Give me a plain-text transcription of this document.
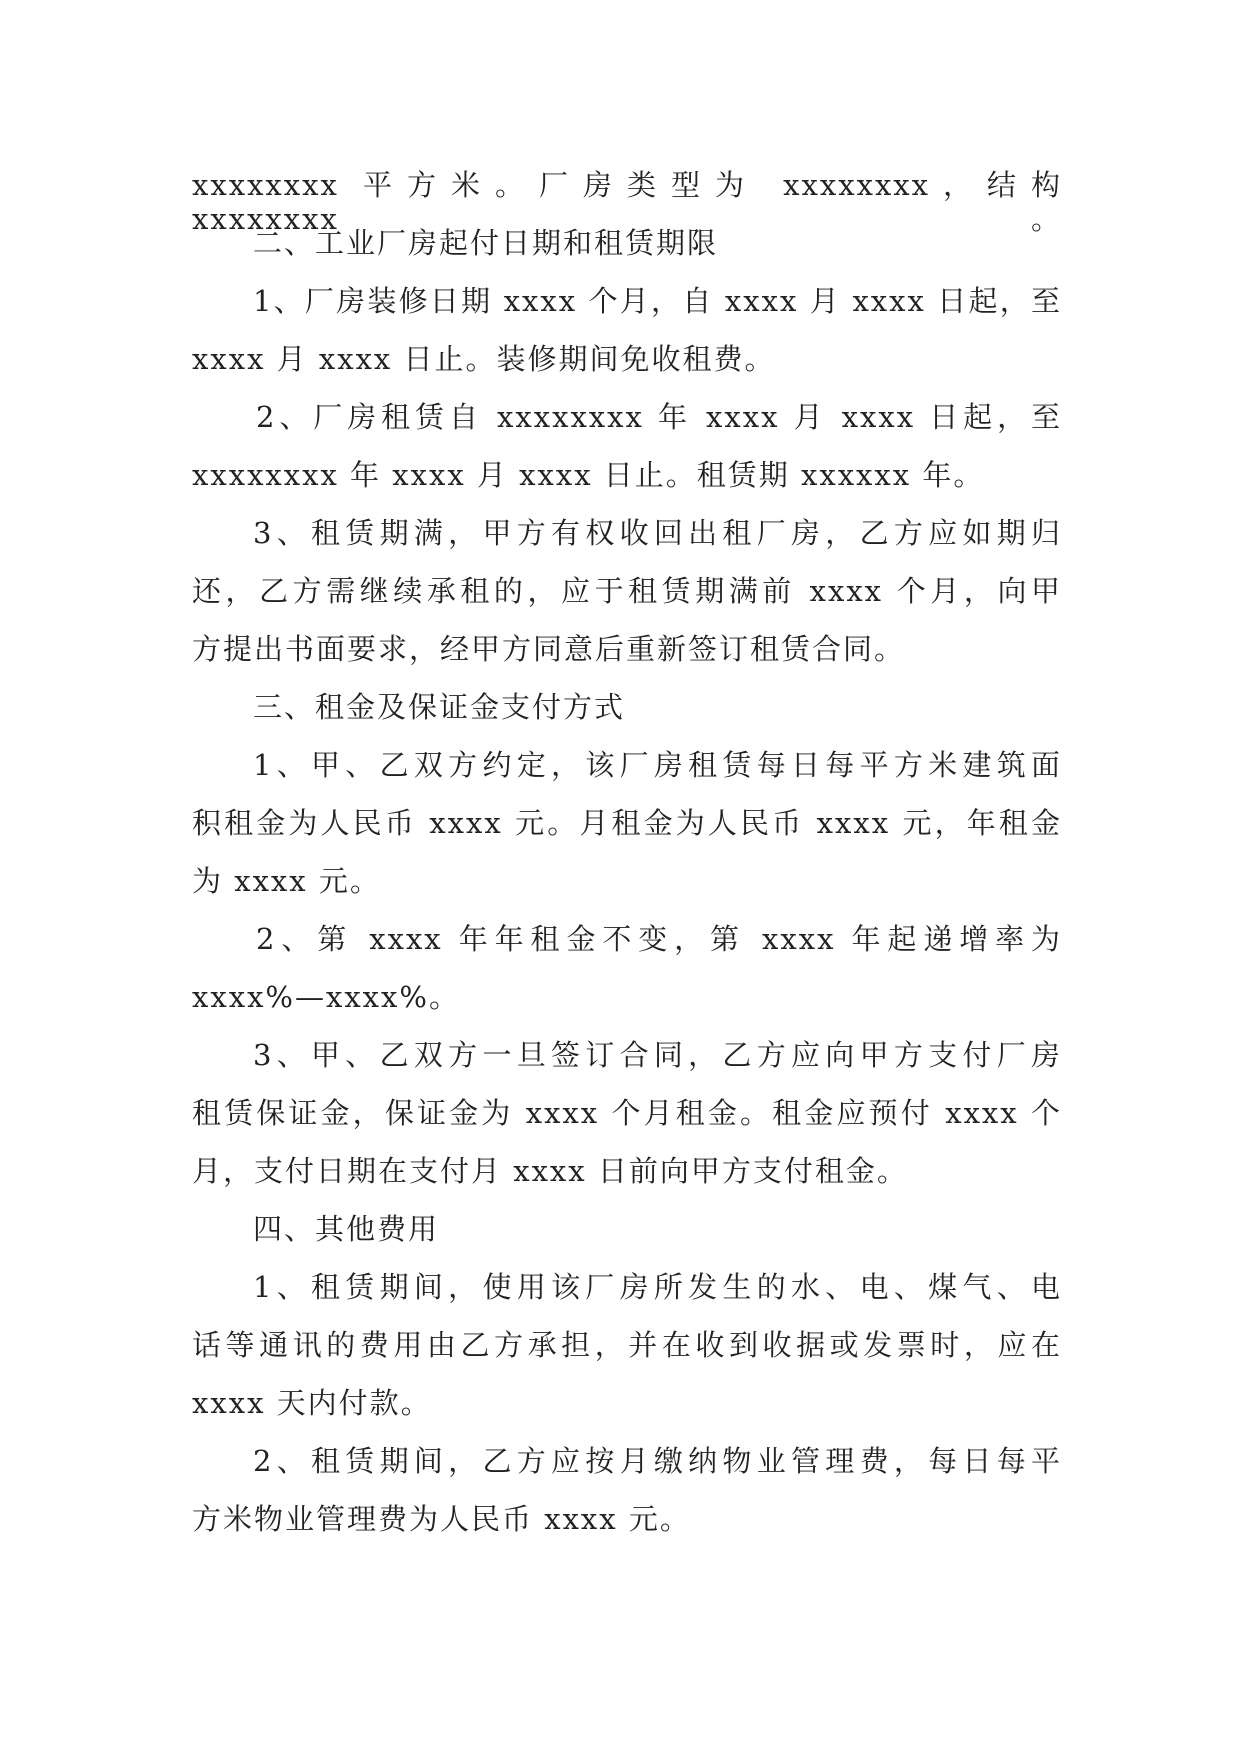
xxxxxxxx 平方米。厂房类型为 xxxxxxxx，结构 xxxxxxxx。
二、工业厂房起付日期和租赁期限
1、厂房装修日期 xxxx 个月，自 xxxx 月 xxxx 日起，至
xxxx 月 xxxx 日止。装修期间免收租费。
2、厂房租赁自 xxxxxxxx 年 xxxx 月 xxxx 日起，至
xxxxxxxx 年 xxxx 月 xxxx 日止。租赁期 xxxxxx 年。
3、租赁期满，甲方有权收回出租厂房，乙方应如期归
还，乙方需继续承租的，应于租赁期满前 xxxx 个月，向甲
方提出书面要求，经甲方同意后重新签订租赁合同。
三、租金及保证金支付方式
1、甲、乙双方约定，该厂房租赁每日每平方米建筑面
积租金为人民币 xxxx 元。月租金为人民币 xxxx 元，年租金
为 xxxx 元。
2、第 xxxx 年年租金不变，第 xxxx 年起递增率为
xxxx%—xxxx%。
3、甲、乙双方一旦签订合同，乙方应向甲方支付厂房
租赁保证金，保证金为 xxxx 个月租金。租金应预付 xxxx 个
月，支付日期在支付月 xxxx 日前向甲方支付租金。
四、其他费用
1、租赁期间，使用该厂房所发生的水、电、煤气、电
话等通讯的费用由乙方承担，并在收到收据或发票时，应在
xxxx 天内付款。
2、租赁期间，乙方应按月缴纳物业管理费，每日每平
方米物业管理费为人民币 xxxx 元。
